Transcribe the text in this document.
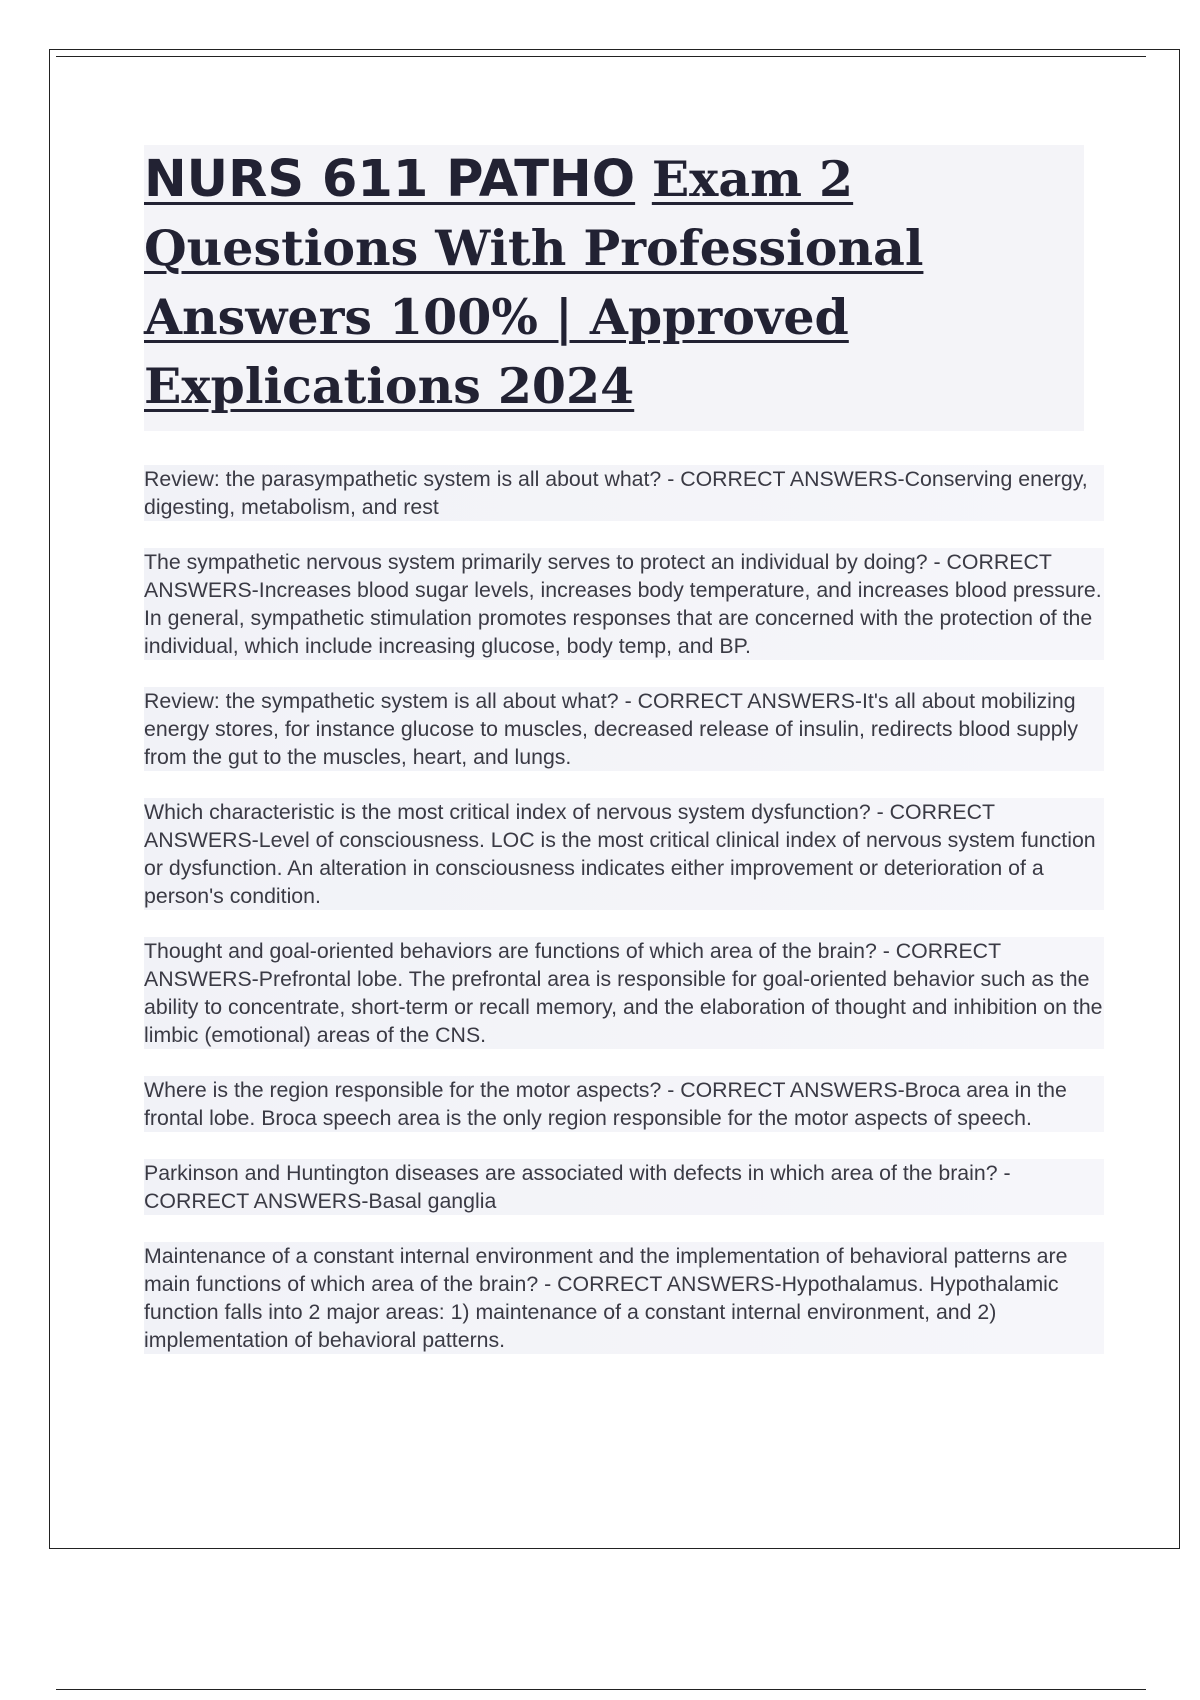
NURS 611 PATHO Exam 2 Questions With Professional Answers 100% | Approved Explications 2024
Review: the parasympathetic system is all about what? - CORRECT ANSWERS-Conserving energy, digesting, metabolism, and rest The sympathetic nervous system primarily serves to protect an individual by doing? - CORRECT ANSWERS-Increases blood sugar levels, increases body temperature, and increases blood pressure. In general, sympathetic stimulation promotes responses that are concerned with the protection of the individual, which include increasing glucose, body temp, and BP. Review: the sympathetic system is all about what? - CORRECT ANSWERS-It's all about mobilizing energy stores, for instance glucose to muscles, decreased release of insulin, redirects blood supply from the gut to the muscles, heart, and lungs. Which characteristic is the most critical index of nervous system dysfunction? - CORRECT ANSWERS-Level of consciousness. LOC is the most critical clinical index of nervous system function or dysfunction. An alteration in consciousness indicates either improvement or deterioration of a person's condition. Thought and goal-oriented behaviors are functions of which area of the brain? - CORRECT ANSWERS-Prefrontal lobe. The prefrontal area is responsible for goal-oriented behavior such as the ability to concentrate, short-term or recall memory, and the elaboration of thought and inhibition on the limbic (emotional) areas of the CNS. Where is the region responsible for the motor aspects? - CORRECT ANSWERS-Broca area in the frontal lobe. Broca speech area is the only region responsible for the motor aspects of speech. Parkinson and Huntington diseases are associated with defects in which area of the brain? - CORRECT ANSWERS-Basal ganglia Maintenance of a constant internal environment and the implementation of behavioral patterns are main functions of which area of the brain? - CORRECT ANSWERS-Hypothalamus. Hypothalamic function falls into 2 major areas: 1) maintenance of a constant internal environment, and 2) implementation of behavioral patterns.
